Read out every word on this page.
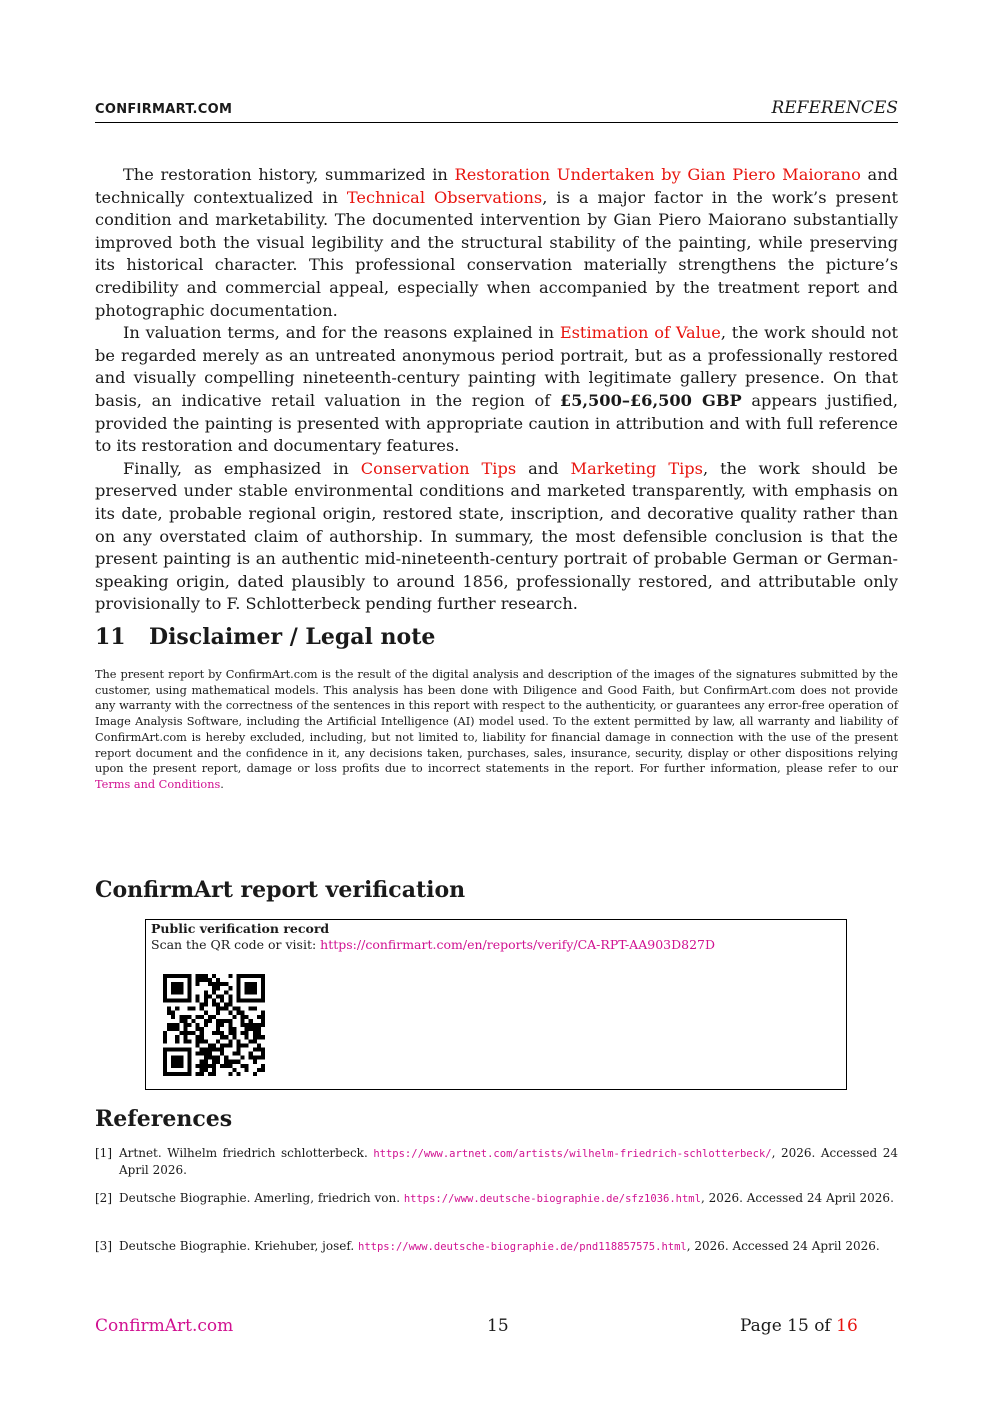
CONFIRMART.COM	REFERENCES

The restoration history, summarized in Restoration Undertaken by Gian Piero Maiorano and technically contextualized in Technical Observations, is a major factor in the work’s present condition and marketability. The documented intervention by Gian Piero Maiorano substantially improved both the visual legibility and the structural stability of the painting, while preserving its historical character. This professional conservation materially strengthens the picture’s credibility and commercial appeal, especially when accompanied by the treatment report and photographic documentation.

In valuation terms, and for the reasons explained in Estimation of Value, the work should not be regarded merely as an untreated anonymous period portrait, but as a professionally restored and visually compelling nineteenth-century painting with legitimate gallery presence. On that basis, an indicative retail valuation in the region of £5,500–£6,500 GBP appears justified, provided the painting is presented with appropriate caution in attribution and with full reference to its restoration and documentary features.

Finally, as emphasized in Conservation Tips and Marketing Tips, the work should be preserved under stable environmental conditions and marketed transparently, with emphasis on its date, probable regional origin, restored state, inscription, and decorative quality rather than on any overstated claim of authorship. In summary, the most defensible conclusion is that the present painting is an authentic mid-nineteenth-century portrait of probable German or German-speaking origin, dated plausibly to around 1856, professionally restored, and attributable only provisionally to F. Schlotterbeck pending further research.

11 Disclaimer / Legal note

The present report by ConfirmArt.com is the result of the digital analysis and description of the images of the signatures submitted by the customer, using mathematical models. This analysis has been done with Diligence and Good Faith, but ConfirmArt.com does not provide any warranty with the correctness of the sentences in this report with respect to the authenticity, or guarantees any error-free operation of Image Analysis Software, including the Artificial Intelligence (AI) model used. To the extent permitted by law, all warranty and liability of ConfirmArt.com is hereby excluded, including, but not limited to, liability for financial damage in connection with the use of the present report document and the confidence in it, any decisions taken, purchases, sales, insurance, security, display or other dispositions relying upon the present report, damage or loss profits due to incorrect statements in the report. For further information, please refer to our Terms and Conditions.

ConfirmArt report verification
Public verification record
Scan the QR code or visit: https://confirmart.com/en/reports/verify/CA-RPT-AA903D827D
References
[1] Artnet. Wilhelm friedrich schlotterbeck. https://www.artnet.com/artists/wilhelm-friedrich-schlotterbeck/, 2026. Accessed 24 April 2026.
[2] Deutsche Biographie. Amerling, friedrich von. https://www.deutsche-biographie.de/sfz1036.html, 2026. Accessed 24 April 2026.
[3] Deutsche Biographie. Kriehuber, josef. https://www.deutsche-biographie.de/pnd118857575.html, 2026. Accessed 24 April 2026.
ConfirmArt.com	15	Page 15 of 16
